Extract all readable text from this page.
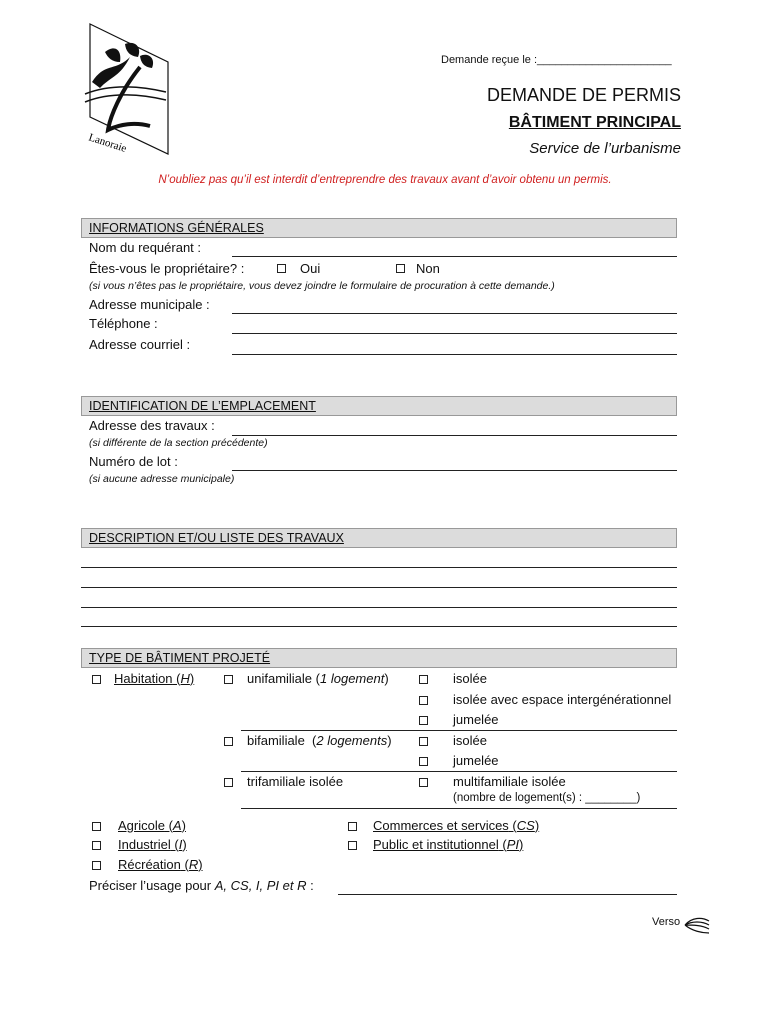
Lanoraie
Demande reçue le :______________________
DEMANDE DE PERMIS
BÂTIMENT PRINCIPAL
Service de l’urbanisme
N’oubliez pas qu’il est interdit d’entreprendre des travaux avant d’avoir obtenu un permis.
INFORMATIONS GÉNÉRALES
Nom du requérant :
Êtes-vous le propriétaire? :	Oui	Non
(si vous n’êtes pas le propriétaire, vous devez joindre le formulaire de procuration à cette demande.)
Adresse municipale :
Téléphone :
Adresse courriel :
IDENTIFICATION DE L’EMPLACEMENT
Adresse des travaux :
(si différente de la section précédente)
Numéro de lot :
(si aucune adresse municipale)
DESCRIPTION ET/OU LISTE DES TRAVAUX
TYPE DE BÂTIMENT PROJETÉ
Habitation (H)	unifamiliale (1 logement)	isolée
isolée avec espace intergénérationnel
jumelée
bifamiliale  (2 logements)	isolée
jumelée
trifamiliale isolée	multifamiliale isolée
(nombre de logement(s) : ________)
Agricole (A)
Industriel (I)
Récréation (R)
Commerces et services (CS)
Public et institutionnel (PI)
Préciser l’usage pour A, CS, I, PI et R :
Verso
